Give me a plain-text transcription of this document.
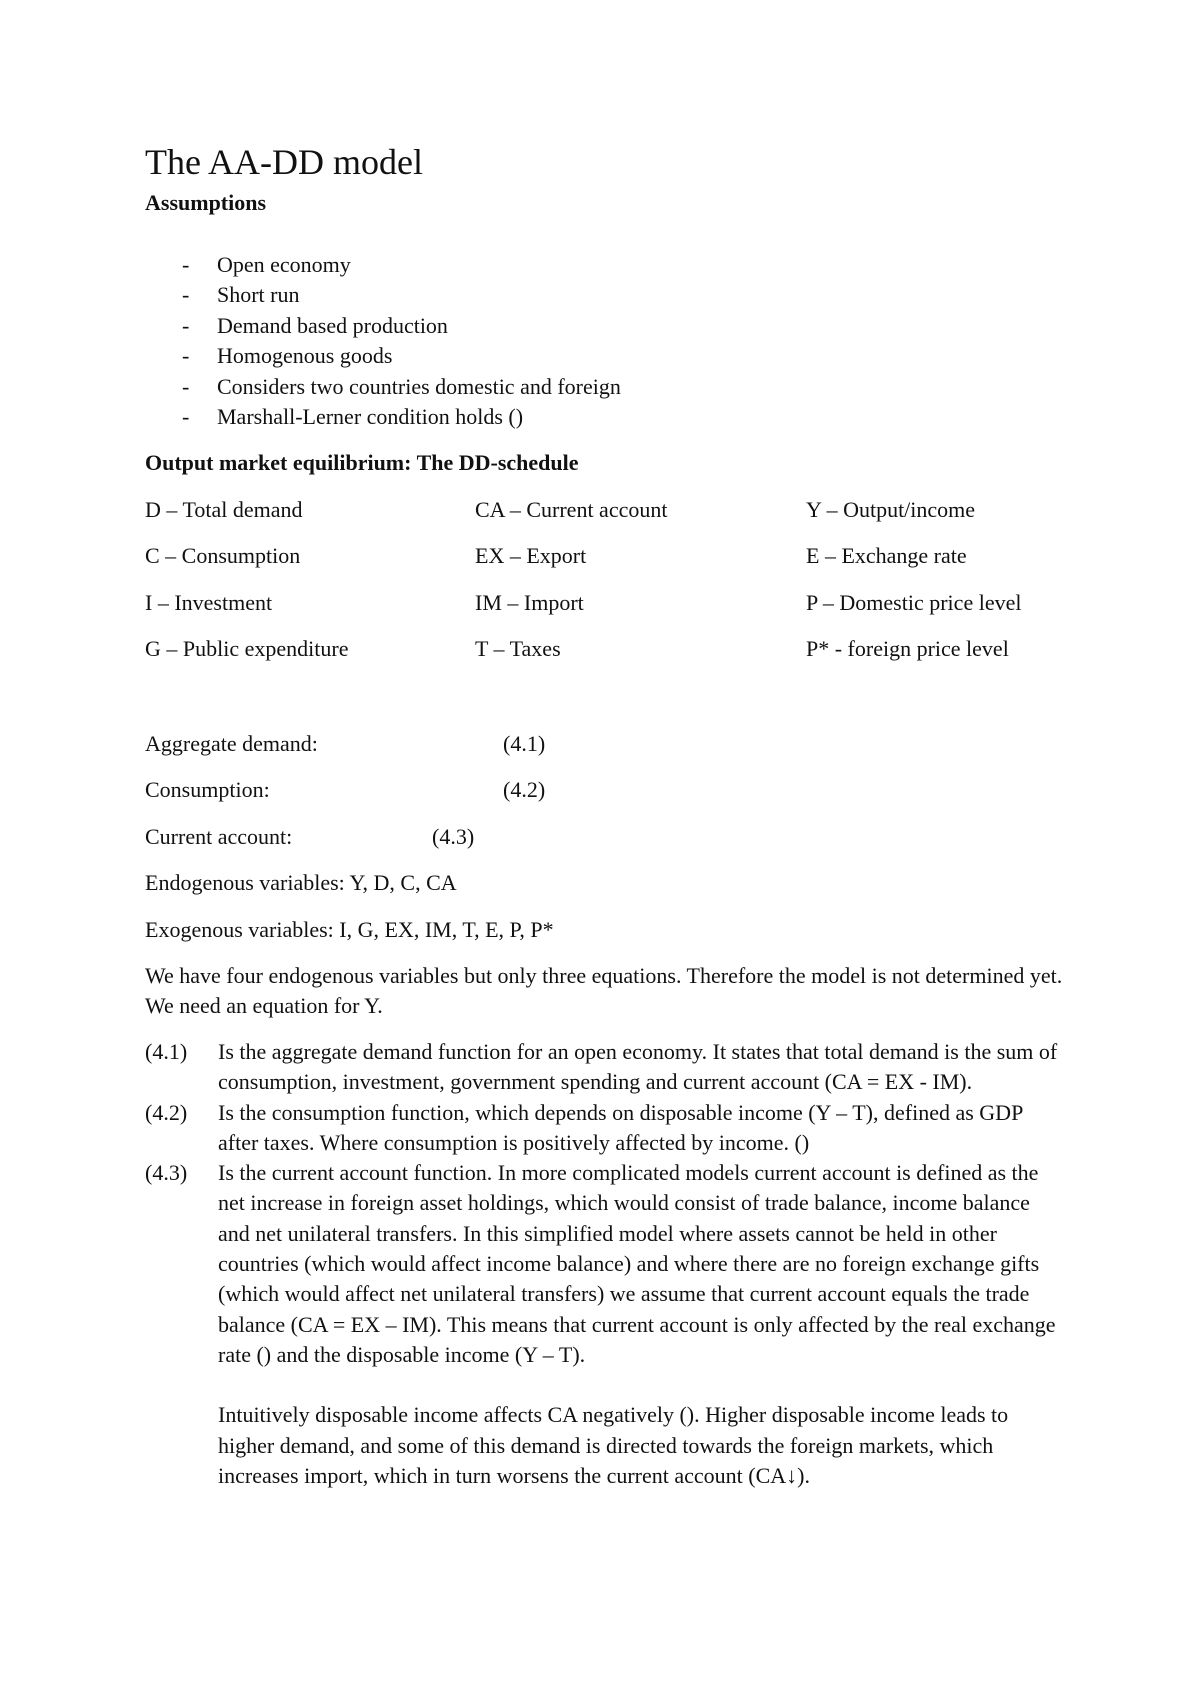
The AA-DD model
Assumptions
- Open economy
- Short run
- Demand based production
- Homogenous goods
- Considers two countries domestic and foreign
- Marshall-Lerner condition holds ()
Output market equilibrium: The DD-schedule
D – Total demand	CA – Current account	Y – Output/income
C – Consumption	EX – Export	E – Exchange rate
I – Investment	IM – Import	P – Domestic price level
G – Public expenditure	T – Taxes	P* - foreign price level
Aggregate demand:	(4.1)
Consumption:	(4.2)
Current account:	(4.3)
Endogenous variables: Y, D, C, CA
Exogenous variables: I, G, EX, IM, T, E, P, P*
We have four endogenous variables but only three equations. Therefore the model is not determined yet. We need an equation for Y.
(4.1) Is the aggregate demand function for an open economy. It states that total demand is the sum of consumption, investment, government spending and current account (CA = EX - IM).
(4.2) Is the consumption function, which depends on disposable income (Y – T), defined as GDP after taxes. Where consumption is positively affected by income. ()
(4.3) Is the current account function. In more complicated models current account is defined as the net increase in foreign asset holdings, which would consist of trade balance, income balance and net unilateral transfers. In this simplified model where assets cannot be held in other countries (which would affect income balance) and where there are no foreign exchange gifts (which would affect net unilateral transfers) we assume that current account equals the trade balance (CA = EX – IM). This means that current account is only affected by the real exchange rate () and the disposable income (Y – T).
Intuitively disposable income affects CA negatively (). Higher disposable income leads to higher demand, and some of this demand is directed towards the foreign markets, which increases import, which in turn worsens the current account (CA↓).
